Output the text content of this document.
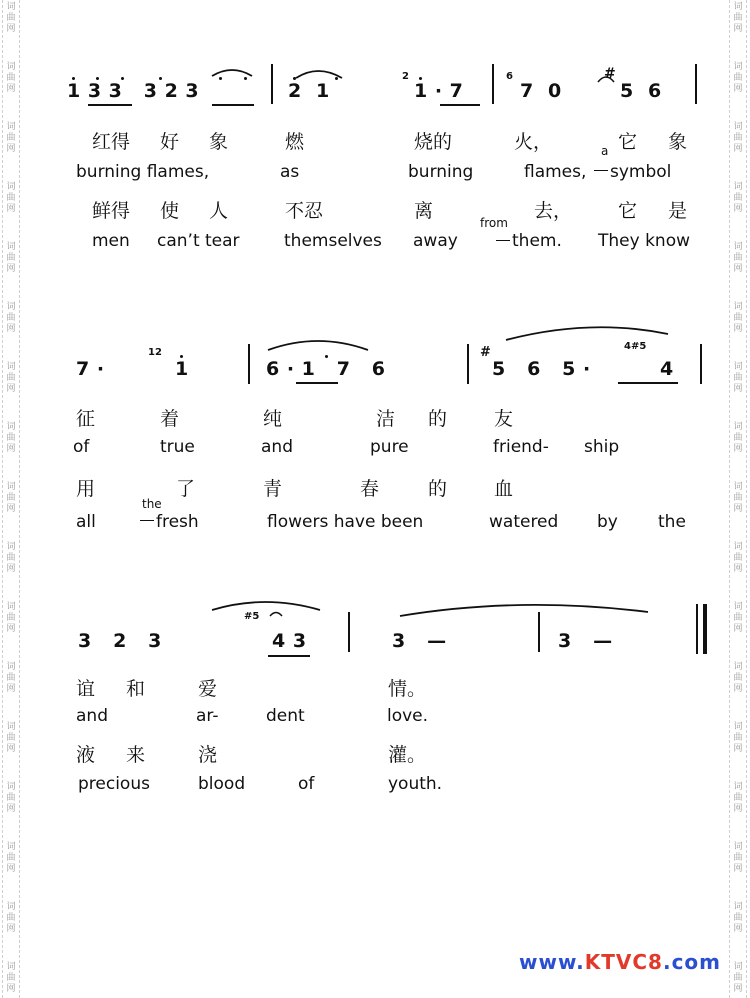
词
曲
网
词
曲
网
词
曲
网
词
曲
网
词
曲
网
词
曲
网
词
曲
网
词
曲
网
词
曲
网
词
曲
网
词
曲
网
词
曲
网
词
曲
网
词
曲
网
词
曲
网
词
曲
网
词
曲
网
词
曲
网
词
曲
网
词
曲
网
词
曲
网
词
曲
网
词
曲
网
词
曲
网
词
曲
网
词
曲
网
词
曲
网
词
曲
网
词
曲
网
词
曲
网
词
曲
网
词
曲
网
词
曲
网
词
曲
网
1 3 3   3 2 3	2  1
2
1 · 7
6
7  0
#
5  6
红得 好 象	燃	烧的	火，	它 象
burning flames,	as	burning	flames,
a
symbol
鲜得 使 人	不忍	离	去， 它 是
men can’t tear	themselves away
from
them. They know
7 ·
12
1	6 · 1   7   6
#
5   6   5 ·
4#5
4
征	着	纯	洁 的 友
of	true	and	pure	friend- ship
用	了	青	春	的 血
all
the
fresh	flowers have been	watered by the
3   2   3
#5
4 3	3   —	3   —
谊 和	爱	情。
and	ar-	dent	love.
液 来	浇	灌。
precious	blood	of	youth.
www.KTVC8.com
